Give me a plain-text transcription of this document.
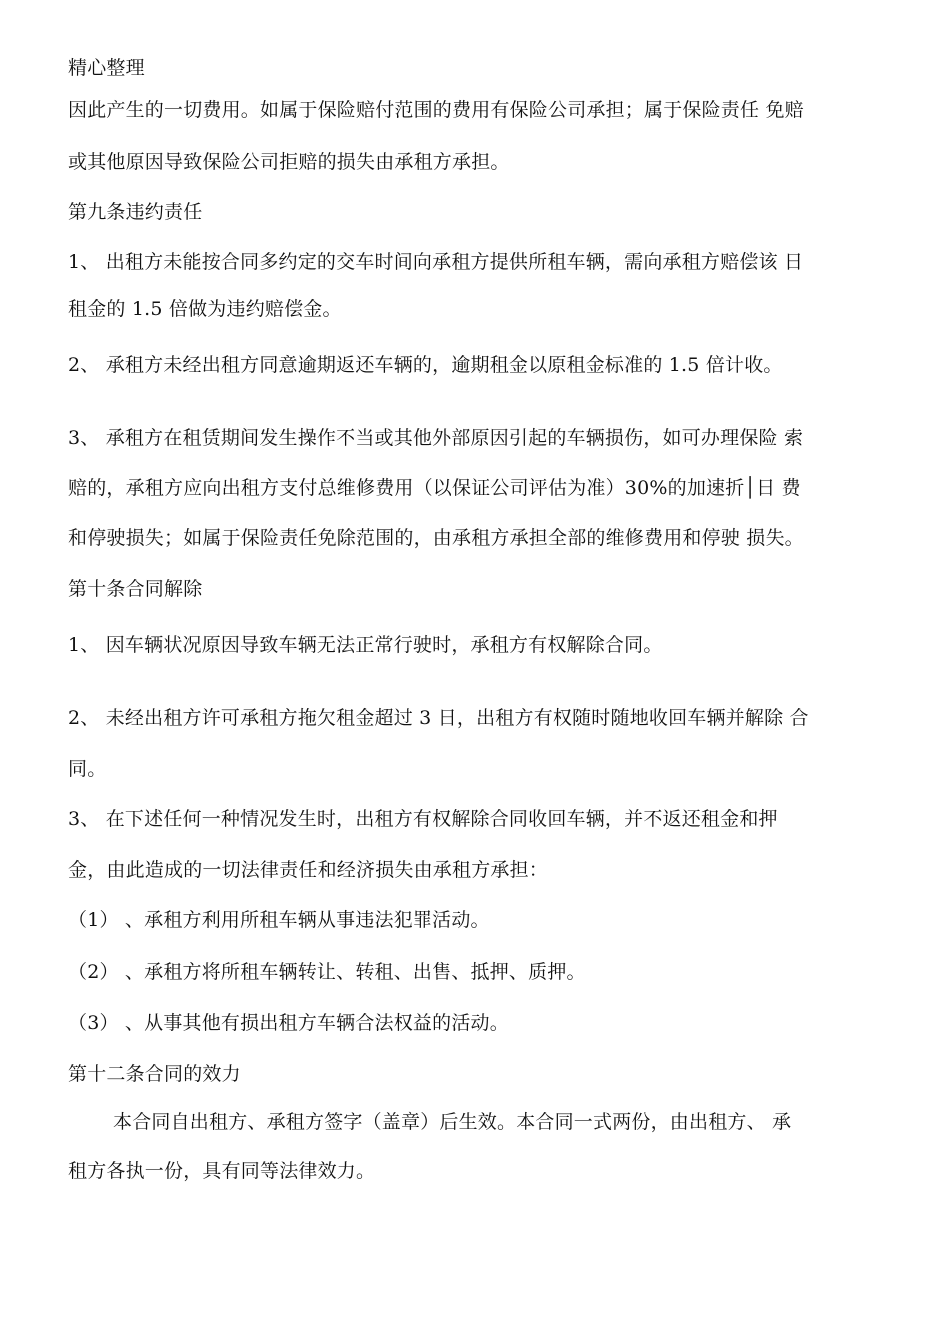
精心整理
因此产生的一切费用。如属于保险赔付范围的费用有保险公司承担；属于保险责任 免赔
或其他原因导致保险公司拒赔的损失由承租方承担。
第九条违约责任
1、 出租方未能按合同多约定的交车时间向承租方提供所租车辆，需向承租方赔偿该 日
租金的 1.5 倍做为违约赔偿金。
2、 承租方未经出租方同意逾期返还车辆的，逾期租金以原租金标准的 1.5 倍计收。
3、 承租方在租赁期间发生操作不当或其他外部原因引起的车辆损伤，如可办理保险 索
赔的，承租方应向出租方支付总维修费用（以保证公司评估为准）30%的加速折│日 费
和停驶损失；如属于保险责任免除范围的，由承租方承担全部的维修费用和停驶 损失。
第十条合同解除
1、 因车辆状况原因导致车辆无法正常行驶时，承租方有权解除合同。
2、 未经出租方许可承租方拖欠租金超过 3 日，出租方有权随时随地收回车辆并解除 合
同。
3、 在下述任何一种情况发生时，出租方有权解除合同收回车辆，并不返还租金和押
金，由此造成的一切法律责任和经济损失由承租方承担：
（1） 、承租方利用所租车辆从事违法犯罪活动。
（2） 、承租方将所租车辆转让、转租、出售、抵押、质押。
（3） 、从事其他有损出租方车辆合法权益的活动。
第十二条合同的效力
本合同自出租方、承租方签字（盖章）后生效。本合同一式两份，由出租方、 承
租方各执一份，具有同等法律效力。
